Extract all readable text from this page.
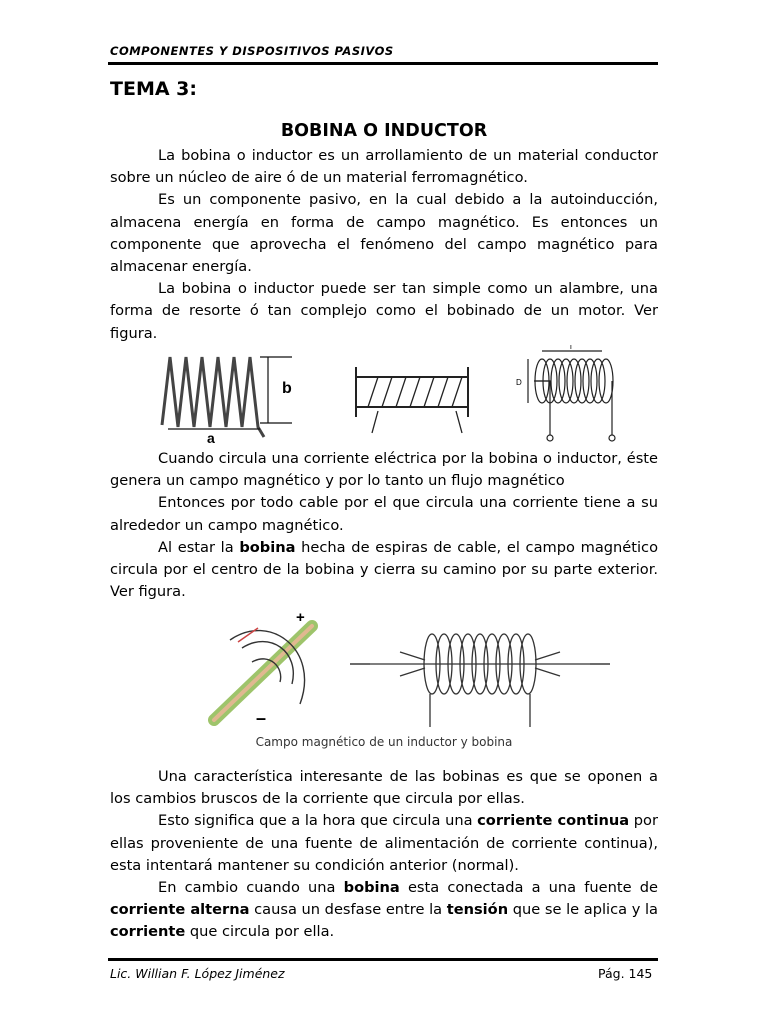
COMPONENTES Y DISPOSITIVOS PASIVOS
TEMA 3:
BOBINA O INDUCTOR

La bobina o inductor es un arrollamiento de un material conductor sobre un núcleo de aire ó de un material ferromagnético.

Es un componente pasivo, en la cual debido a la autoinducción, almacena energía en forma de campo magnético. Es entonces un componente que aprovecha el fenómeno del campo magnético para almacenar energía.

La bobina o inductor puede ser tan simple como un alambre, una forma de resorte ó tan complejo como el bobinado de un motor. Ver figura.

a
b	D
l

Cuando circula una corriente eléctrica por la bobina o inductor, éste genera un campo magnético y por lo tanto un flujo magnético

Entonces por todo cable por el que circula una corriente tiene a su alrededor un campo magnético.

Al estar la bobina hecha de espiras de cable, el campo magnético circula por el centro de la bobina y cierra su camino por su parte exterior. Ver figura.

+
–
Campo magnético de un inductor y bobina

Una característica interesante de las bobinas es que se oponen a los cambios bruscos de la corriente que circula por ellas.

Esto significa que a la hora que circula una corriente continua por ellas proveniente de una fuente de alimentación de corriente continua), esta intentará mantener su condición anterior (normal).

En cambio cuando una bobina esta conectada a una fuente de corriente alterna causa un desfase entre la tensión que se le aplica y la corriente que circula por ella.

Lic. Willian F. López Jiménez	Pág. 145
